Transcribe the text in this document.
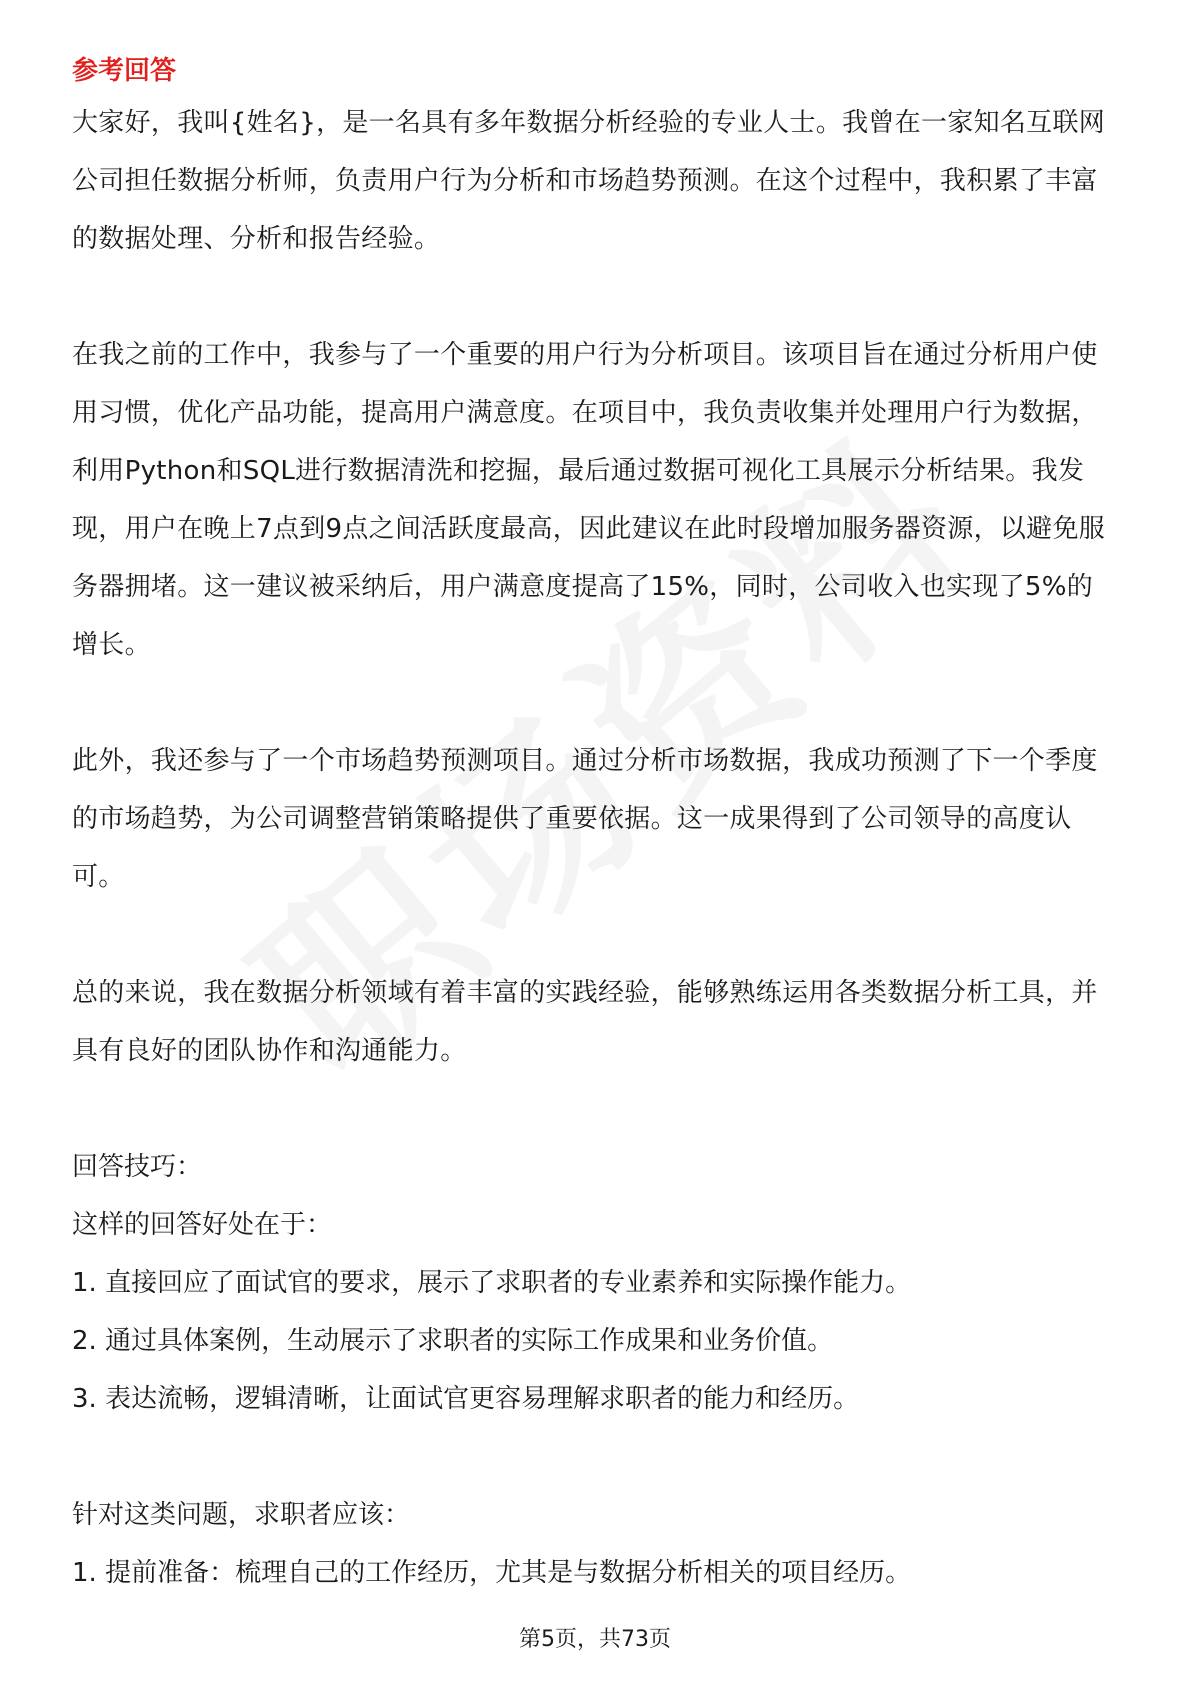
参考回答

大家好，我叫{姓名}，是一名具有多年数据分析经验的专业人士。我曾在一家知名互联网公司担任数据分析师，负责用户行为分析和市场趋势预测。在这个过程中，我积累了丰富的数据处理、分析和报告经验。

在我之前的工作中，我参与了一个重要的用户行为分析项目。该项目旨在通过分析用户使用习惯，优化产品功能，提高用户满意度。在项目中，我负责收集并处理用户行为数据，利用Python和SQL进行数据清洗和挖掘，最后通过数据可视化工具展示分析结果。我发现，用户在晚上7点到9点之间活跃度最高，因此建议在此时段增加服务器资源，以避免服务器拥堵。这一建议被采纳后，用户满意度提高了15%，同时，公司收入也实现了5%的增长。

此外，我还参与了一个市场趋势预测项目。通过分析市场数据，我成功预测了下一个季度的市场趋势，为公司调整营销策略提供了重要依据。这一成果得到了公司领导的高度认可。

总的来说，我在数据分析领域有着丰富的实践经验，能够熟练运用各类数据分析工具，并具有良好的团队协作和沟通能力。

回答技巧：

这样的回答好处在于：

1. 直接回应了面试官的要求，展示了求职者的专业素养和实际操作能力。

2. 通过具体案例，生动展示了求职者的实际工作成果和业务价值。

3. 表达流畅，逻辑清晰，让面试官更容易理解求职者的能力和经历。

针对这类问题，求职者应该：

1. 提前准备：梳理自己的工作经历，尤其是与数据分析相关的项目经历。

第5页，共73页
